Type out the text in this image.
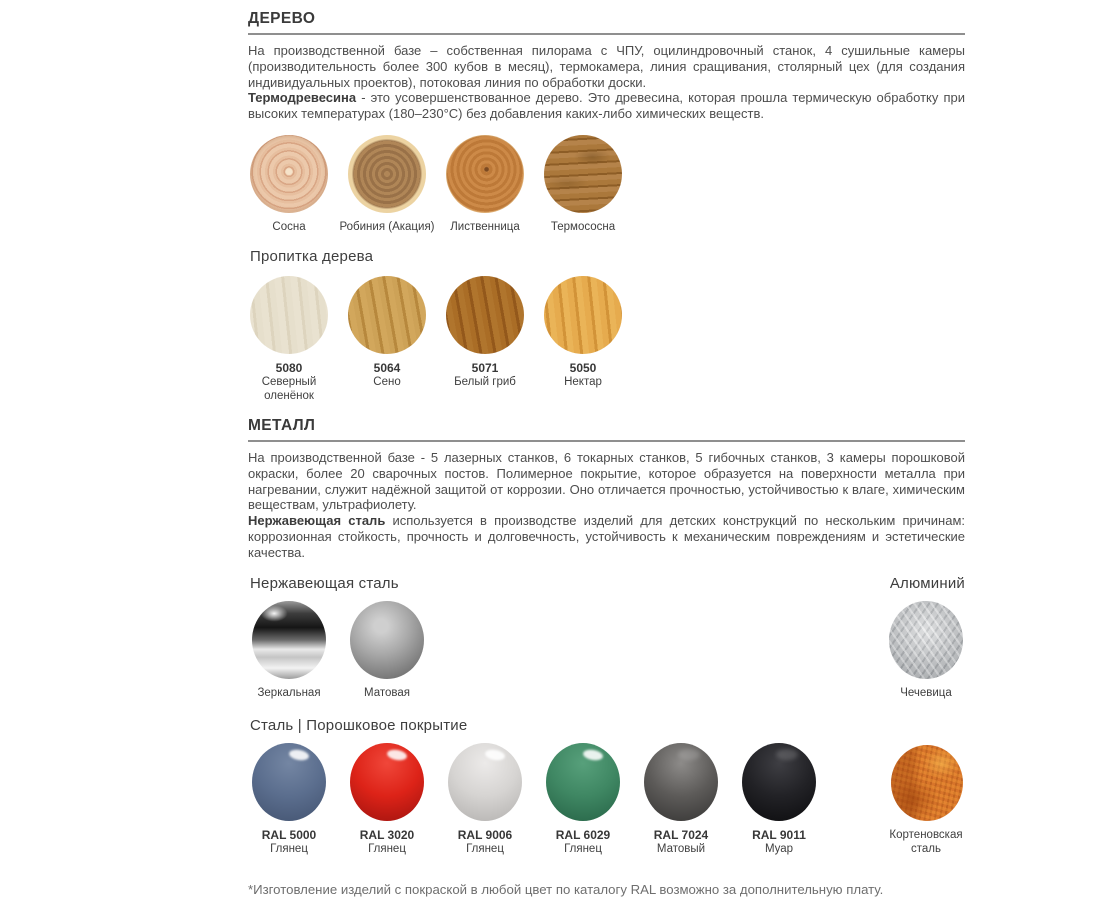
ДЕРЕВО

На производственной базе – собственная пилорама с ЧПУ, оцилиндровочный станок, 4 сушильные камеры (производительность более 300 кубов в месяц), термокамера, линия сращивания, столярный цех (для создания индивидуальных проектов), потоковая линия по обработки доски.

Термодревесина - это усовершенствованное дерево. Это древесина, которая прошла термическую обработку при высоких температурах (180–230°С) без добавления каких-либо химических веществ.

Сосна	Робиния (Акация)	Лиственница	Термососна
Пропитка дерева
5080
Северный оленёнок
5064
Сено
5071
Белый гриб
5050
Нектар
МЕТАЛЛ

На производственной базе - 5 лазерных станков, 6 токарных станков, 5 гибочных станков, 3 камеры порошковой окраски, более 20 сварочных постов. Полимерное покрытие, которое образуется на поверхности металла при нагревании, служит надёжной защитой от коррозии. Оно отличается прочностью, устойчивостью к влаге, химическим веществам, ультрафиолету.

Нержавеющая сталь используется в производстве изделий для детских конструкций по нескольким причинам: коррозионная стойкость, прочность и долговечность, устойчивость к механическим повреждениям и эстетические качества.

Нержавеющая сталь	Алюминий
Зеркальная	Матовая	Чечевица
Сталь | Порошковое покрытие
RAL 5000
Глянец
RAL 3020
Глянец
RAL 9006
Глянец
RAL 6029
Глянец
RAL 7024
Матовый
RAL 9011
Муар
Кортеновская сталь

*Изготовление изделий с покраской в любой цвет по каталогу RAL возможно за дополнительную плату.
